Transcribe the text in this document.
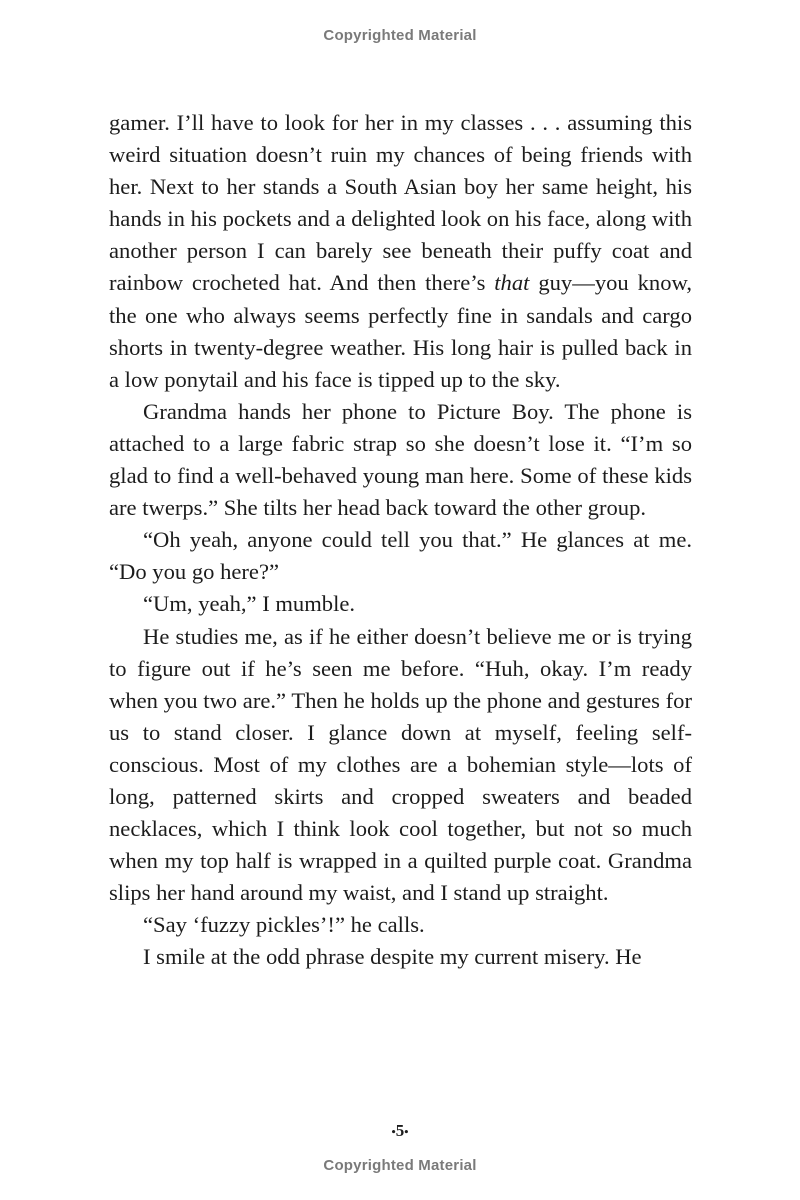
Copyrighted Material

gamer. I’ll have to look for her in my classes . . . assuming this weird situation doesn’t ruin my chances of being friends with her. Next to her stands a South Asian boy her same height, his hands in his pockets and a delighted look on his face, along with another person I can barely see beneath their puffy coat and rainbow crocheted hat. And then there’s that guy—you know, the one who always seems perfectly fine in sandals and cargo shorts in twenty-degree weather. His long hair is pulled back in a low ponytail and his face is tipped up to the sky.

Grandma hands her phone to Picture Boy. The phone is attached to a large fabric strap so she doesn’t lose it. “I’m so glad to find a well-behaved young man here. Some of these kids are twerps.” She tilts her head back toward the other group.

“Oh yeah, anyone could tell you that.” He glances at me. “Do you go here?”

“Um, yeah,” I mumble.

He studies me, as if he either doesn’t believe me or is trying to figure out if he’s seen me before. “Huh, okay. I’m ready when you two are.” Then he holds up the phone and gestures for us to stand closer. I glance down at myself, feeling self-conscious. Most of my clothes are a bohemian style—lots of long, patterned skirts and cropped sweaters and beaded necklaces, which I think look cool together, but not so much when my top half is wrapped in a quilted purple coat. Grandma slips her hand around my waist, and I stand up straight.

“Say ‘fuzzy pickles’!” he calls.

I smile at the odd phrase despite my current misery. He

•5•
Copyrighted Material
